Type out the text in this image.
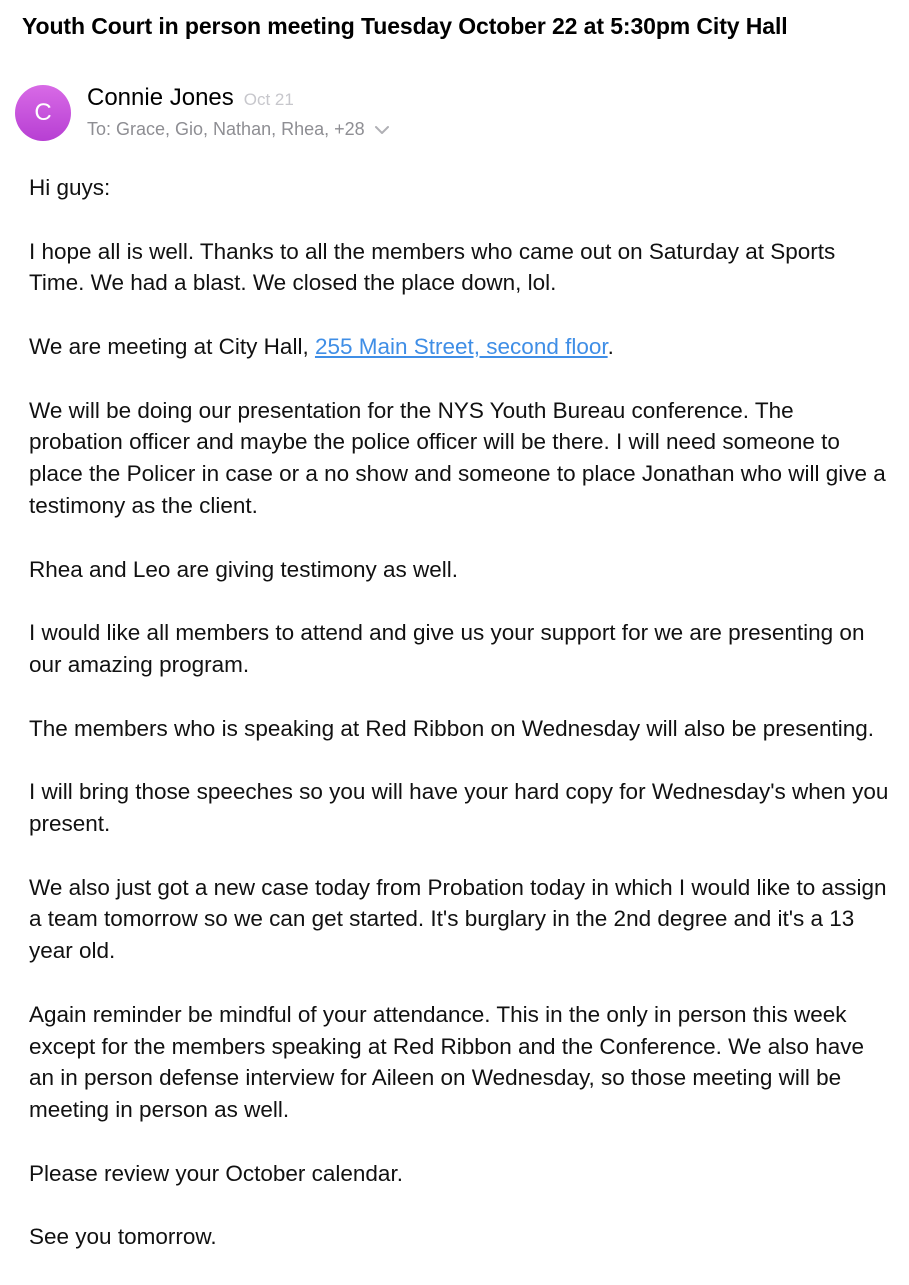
Youth Court in person meeting Tuesday October 22 at 5:30pm City Hall
C
Connie Jones Oct 21
To: Grace, Gio, Nathan, Rhea, +28

Hi guys:

I hope all is well. Thanks to all the members who came out on Saturday at Sports Time. We had a blast. We closed the place down, lol.

We are meeting at City Hall, 255 Main Street, second floor.

We will be doing our presentation for the NYS Youth Bureau conference. The probation officer and maybe the police officer will be there. I will need someone to place the Policer in case or a no show and someone to place Jonathan who will give a testimony as the client.

Rhea and Leo are giving testimony as well.

I would like all members to attend and give us your support for we are presenting on our amazing program.

The members who is speaking at Red Ribbon on Wednesday will also be presenting.

I will bring those speeches so you will have your hard copy for Wednesday's when you present.

We also just got a new case today from Probation today in which I would like to assign a team tomorrow so we can get started. It's burglary in the 2nd degree and it's a 13 year old.

Again reminder be mindful of your attendance. This in the only in person this week except for the members speaking at Red Ribbon and the Conference. We also have an in person defense interview for Aileen on Wednesday, so those meeting will be meeting in person as well.

Please review your October calendar.

See you tomorrow.
